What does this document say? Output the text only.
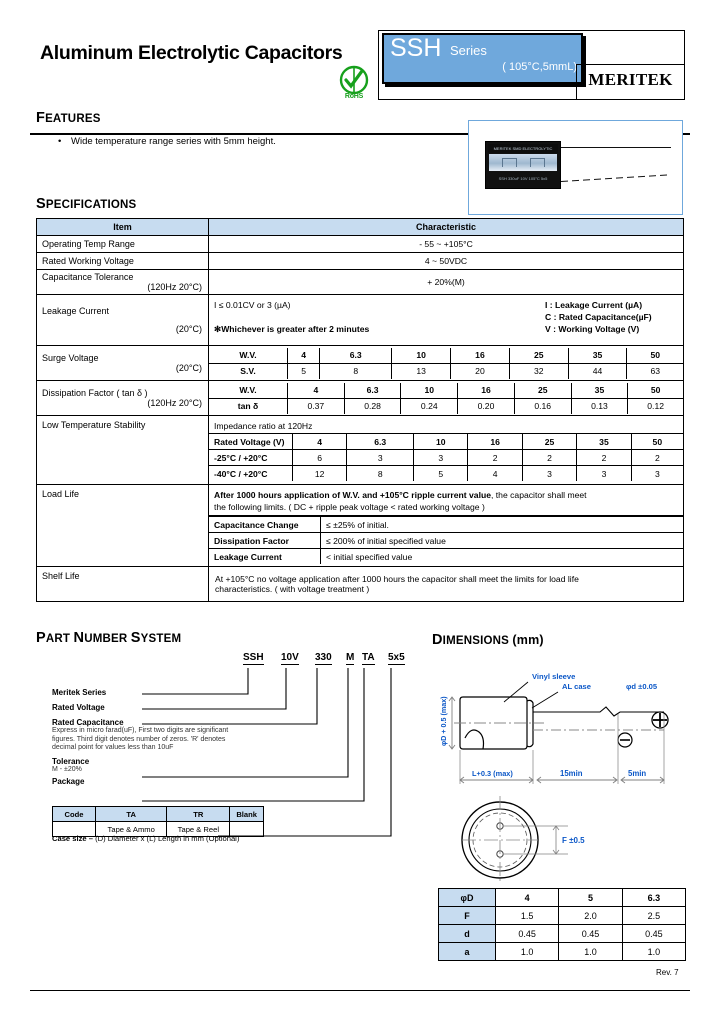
Aluminum Electrolytic Capacitors
RoHS
SSH Series
( 105°C,5mmL)
MERITEK
FEATURES
• Wide temperature range series with 5mm height.
MERITEK SMD ELECTROLYTIC
SSH 330uF 10V 105°C 5x5
SPECIFICATIONS
Item	Characteristic
Operating Temp Range	- 55 ~ +105°C
Rated Working Voltage	4 ~ 50VDC

Capacitance Tolerance
(120Hz 20°C)	+ 20%(M)

Leakage Current
(20°C)

I ≤ 0.01CV or 3 (µA)
✻Whichever is greater after 2 minutes
I : Leakage Current (µA)
C : Rated Capacitance(µF)
V : Working Voltage (V)

Surge Voltage
(20°C)

W.V.	4	6.3	10	16	25	35	50
S.V.	5	8	13	20	32	44	63

Dissipation Factor ( tan δ )
(120Hz 20°C)

W.V.	4	6.3	10	16	25	35	50
tan δ	0.37	0.28	0.24	0.20	0.16	0.13	0.12

Low Temperature Stability	Impedance ratio at 120Hz
Rated Voltage (V)	4	6.3	10	16	25	35	50
-25°C / +20°C	6	3	3	2	2	2	2
-40°C / +20°C	12	8	5	4	3	3	3

Load Life	After 1000 hours application of W.V. and +105°C ripple current value, the capacitor shall meet
the following limits. ( DC + ripple peak voltage < rated working voltage )
Capacitance Change	≤ ±25% of initial.
Dissipation Factor	≤ 200% of initial specified value
Leakage Current	< initial specified value

Shelf Life	At +105°C no voltage application after 1000 hours the capacitor shall meet the limits for load life
characteristics. ( with voltage treatment )
PART NUMBER SYSTEM
SSH 10V 330 M TA 5x5
Meritek Series
Rated Voltage
Rated Capacitance
Express in micro farad(uF), First two digits are significant figures. Third digit denotes number of zeros. 'R' denotes decimal point for values less than 10uF
Tolerance
M - ±20%
Package
Code	TA	TR	Blank
	Tape & Ammo	Tape & Reel	
Case size – (D) Diameter x (L) Length in mm (Optional)
DIMENSIONS (mm)
Vinyl sleeve
AL case	φd ±0.05
φD + 0.5 (max)
L+0.3 (max)	15min	5min
F ±0.5
φD	4	5	6.3
F	1.5	2.0	2.5
d	0.45	0.45	0.45
a	1.0	1.0	1.0
Rev. 7
